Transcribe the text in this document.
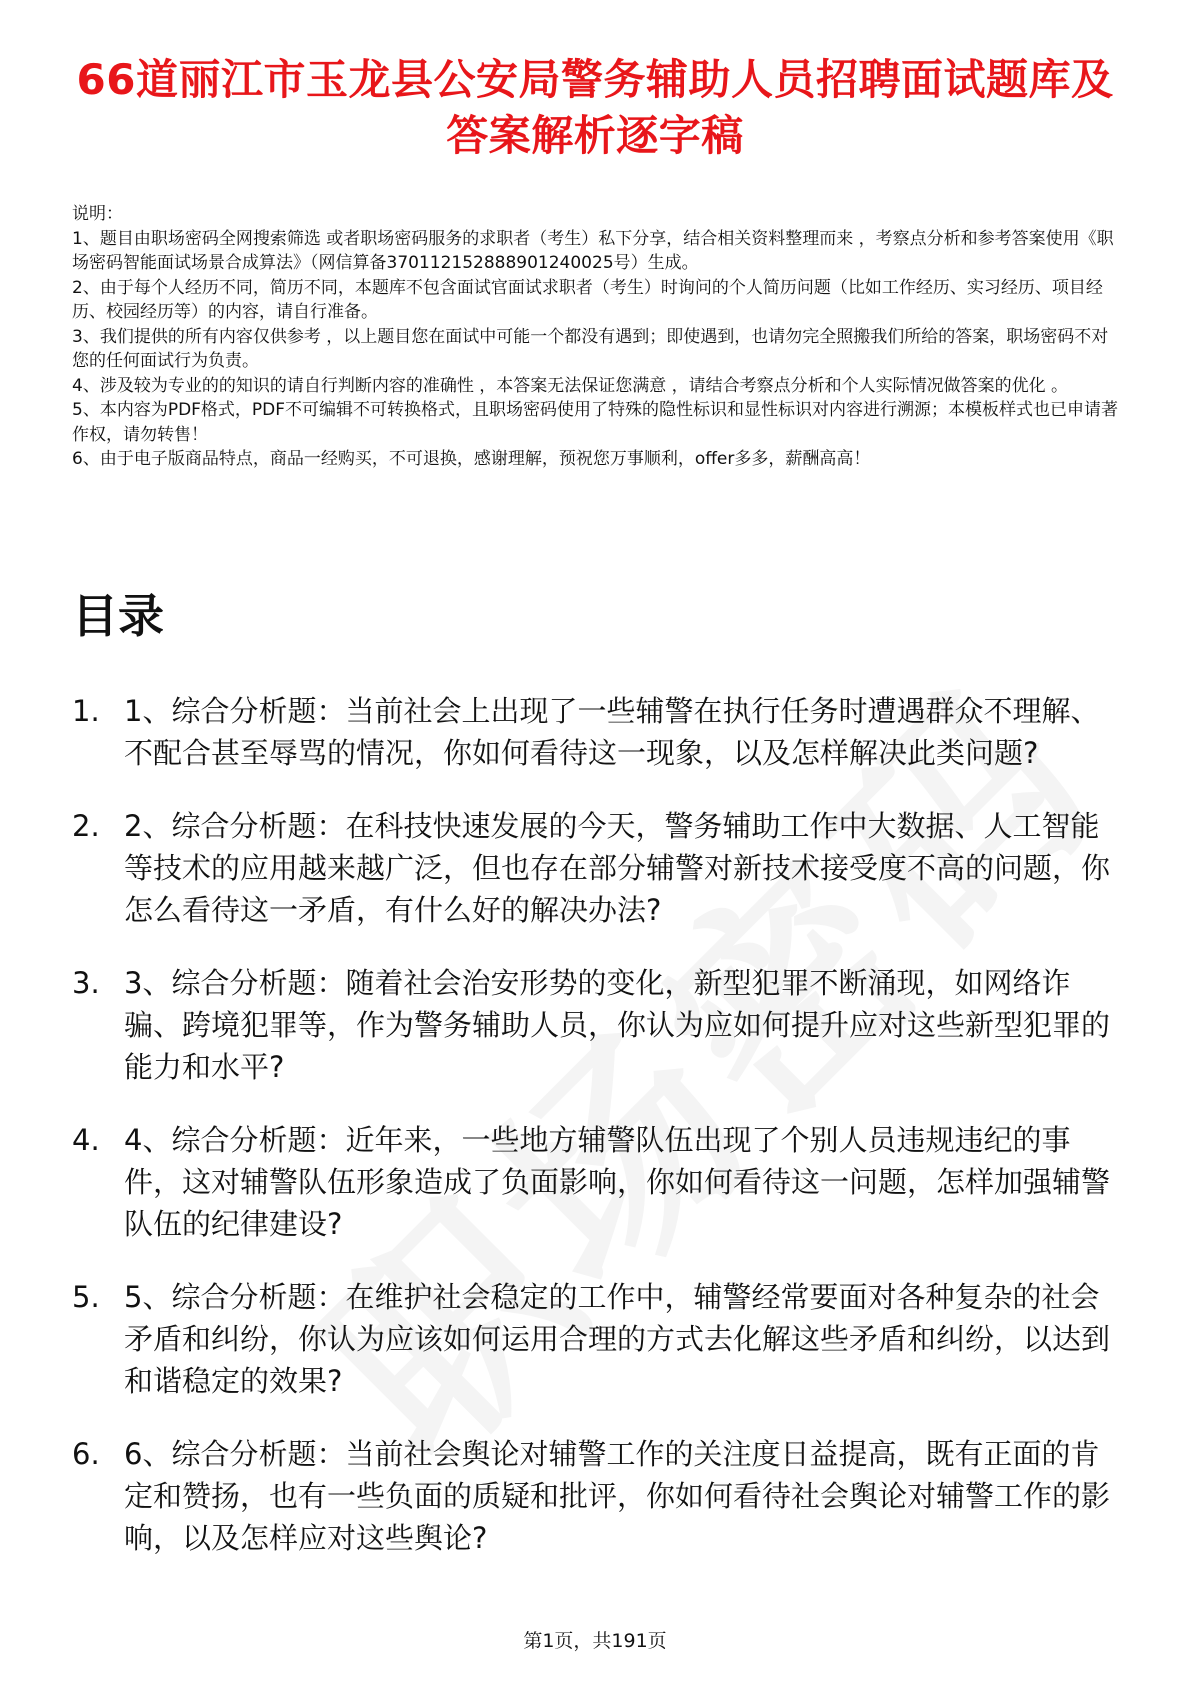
66道丽江市玉龙县公安局警务辅助人员招聘面试题库及答案解析逐字稿

说明：

1、题目由职场密码全网搜索筛选 或者职场密码服务的求职者（考生）私下分享，结合相关资料整理而来 ，考察点分析和参考答案使用《职场密码智能面试场景合成算法》（网信算备370112152888901240025号）生成。

2、由于每个人经历不同，简历不同，本题库不包含面试官面试求职者（考生）时询问的个人简历问题（比如工作经历、实习经历、项目经历、校园经历等）的内容，请自行准备。

3、我们提供的所有内容仅供参考 ，以上题目您在面试中可能一个都没有遇到；即使遇到，也请勿完全照搬我们所给的答案，职场密码不对您的任何面试行为负责。

4、涉及较为专业的的知识的请自行判断内容的准确性 ，本答案无法保证您满意 ，请结合考察点分析和个人实际情况做答案的优化 。

5、本内容为PDF格式，PDF不可编辑不可转换格式，且职场密码使用了特殊的隐性标识和显性标识对内容进行溯源；本模板样式也已申请著作权，请勿转售！

6、由于电子版商品特点，商品一经购买，不可退换，感谢理解，预祝您万事顺利，offer多多，薪酬高高！

目录
1. 1、综合分析题：当前社会上出现了一些辅警在执行任务时遭遇群众不理解、不配合甚至辱骂的情况，你如何看待这一现象，以及怎样解决此类问题?
2. 2、综合分析题：在科技快速发展的今天，警务辅助工作中大数据、人工智能等技术的应用越来越广泛，但也存在部分辅警对新技术接受度不高的问题，你怎么看待这一矛盾，有什么好的解决办法?
3. 3、综合分析题：随着社会治安形势的变化，新型犯罪不断涌现，如网络诈骗、跨境犯罪等，作为警务辅助人员，你认为应如何提升应对这些新型犯罪的能力和水平?
4. 4、综合分析题：近年来，一些地方辅警队伍出现了个别人员违规违纪的事件，这对辅警队伍形象造成了负面影响，你如何看待这一问题，怎样加强辅警队伍的纪律建设?
5. 5、综合分析题：在维护社会稳定的工作中，辅警经常要面对各种复杂的社会矛盾和纠纷，你认为应该如何运用合理的方式去化解这些矛盾和纠纷，以达到和谐稳定的效果?
6. 6、综合分析题：当前社会舆论对辅警工作的关注度日益提高，既有正面的肯定和赞扬，也有一些负面的质疑和批评，你如何看待社会舆论对辅警工作的影响，以及怎样应对这些舆论?
第1页，共191页
